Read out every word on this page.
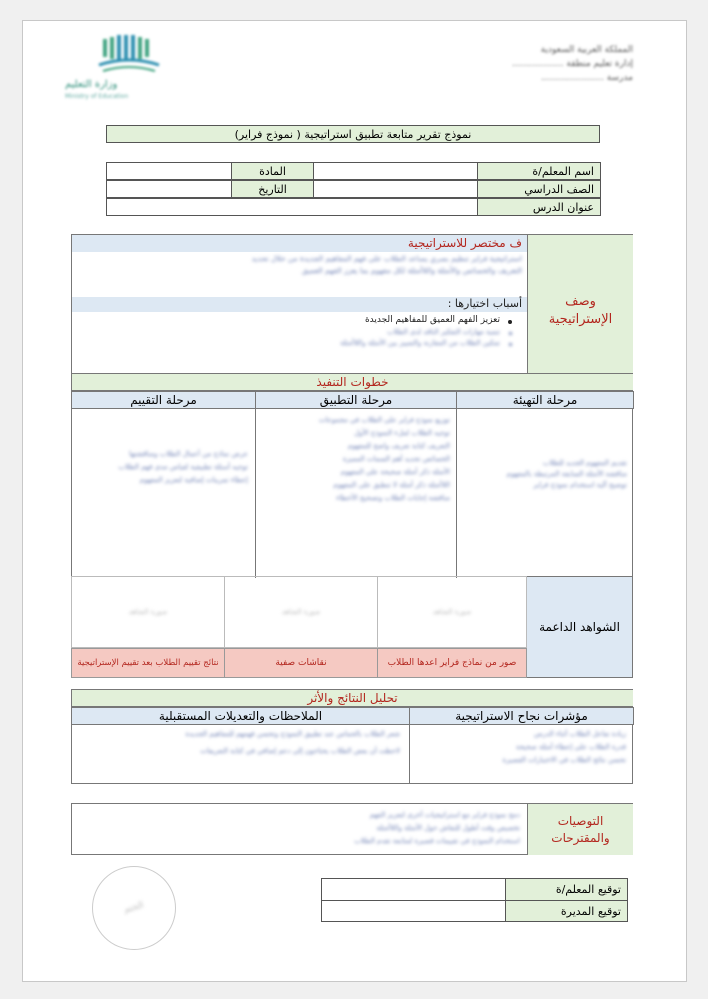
وزارة التعليم
Ministry of Education
المملكة العربية السعودية
إدارة تعليم منطقة ..................
مدرسة ......................
نموذج تقرير متابعة تطبيق استراتيجية ( نموذج فراير)
اسم المعلم/ة
المادة
الصف الدراسي
التاريخ
عنوان الدرس
وصف الإستراتيجية
ف مختصر للاستراتيجية
استراتيجية فراير تنظيم بصري يساعد الطلاب على فهم المفاهيم الجديدة من خلال تحديد
التعريف والخصائص والأمثلة واللاأمثلة لكل مفهوم بما يعزز الفهم العميق
أسباب اختيارها :
تعزيز الفهم العميق للمفاهيم الجديدة
تنمية مهارات التفكير الناقد لدى الطلاب
تمكين الطلاب من المقارنة والتمييز بين الأمثلة واللاأمثلة
خطوات التنفيذ
مرحلة التهيئة
مرحلة التطبيق
مرحلة التقييم
تقديم المفهوم الجديد للطلاب
مناقشة الأمثلة السابقة المرتبطة بالمفهوم
توضيح آلية استخدام نموذج فراير
توزيع نموذج فراير على الطلاب في مجموعات
توجيه الطلاب لملء النموذج الأول
التعريف كتابة تعريف واضح للمفهوم
الخصائص تحديد أهم السمات المميزة
الأمثلة ذكر أمثلة صحيحة على المفهوم
اللاأمثلة ذكر أمثلة لا تنطبق على المفهوم
مناقشة إجابات الطلاب وتصحيح الأخطاء
عرض نماذج من أعمال الطلاب ومناقشتها
توجيه أسئلة تطبيقية لقياس مدى فهم الطلاب
إعطاء تمرينات إضافية لتعزيز المفهوم
الشواهد الداعمة
صورة الشاهد
صورة الشاهد
صورة الشاهد
صور من نماذج فراير اعدها الطلاب
نقاشات صفية
نتائج تقييم الطلاب بعد تقييم الإستراتيجية
تحليل النتائج والأثر
مؤشرات نجاح الاستراتيجية
الملاحظات والتعديلات المستقبلية
زيادة تفاعل الطلاب أثناء الدرس
قدرة الطلاب على إعطاء أمثلة صحيحة
تحسن نتائج الطلاب في الاختبارات القصيرة
شعر الطلاب بالحماس عند تطبيق النموذج وتحسن فهمهم للمفاهيم الجديدة
لاحظت أن بعض الطلاب يحتاجون إلى دعم إضافي في كتابة التعريفات
التوصيات والمقترحات
دمج نموذج فراير مع استراتيجيات أخرى لتعزيز الفهم
تخصيص وقت أطول للنقاش حول الأمثلة واللاأمثلة
استخدام النموذج في تقييمات قصيرة لمتابعة تقدم الطلاب
الختم
توقيع المعلم/ة
توقيع المديرة
